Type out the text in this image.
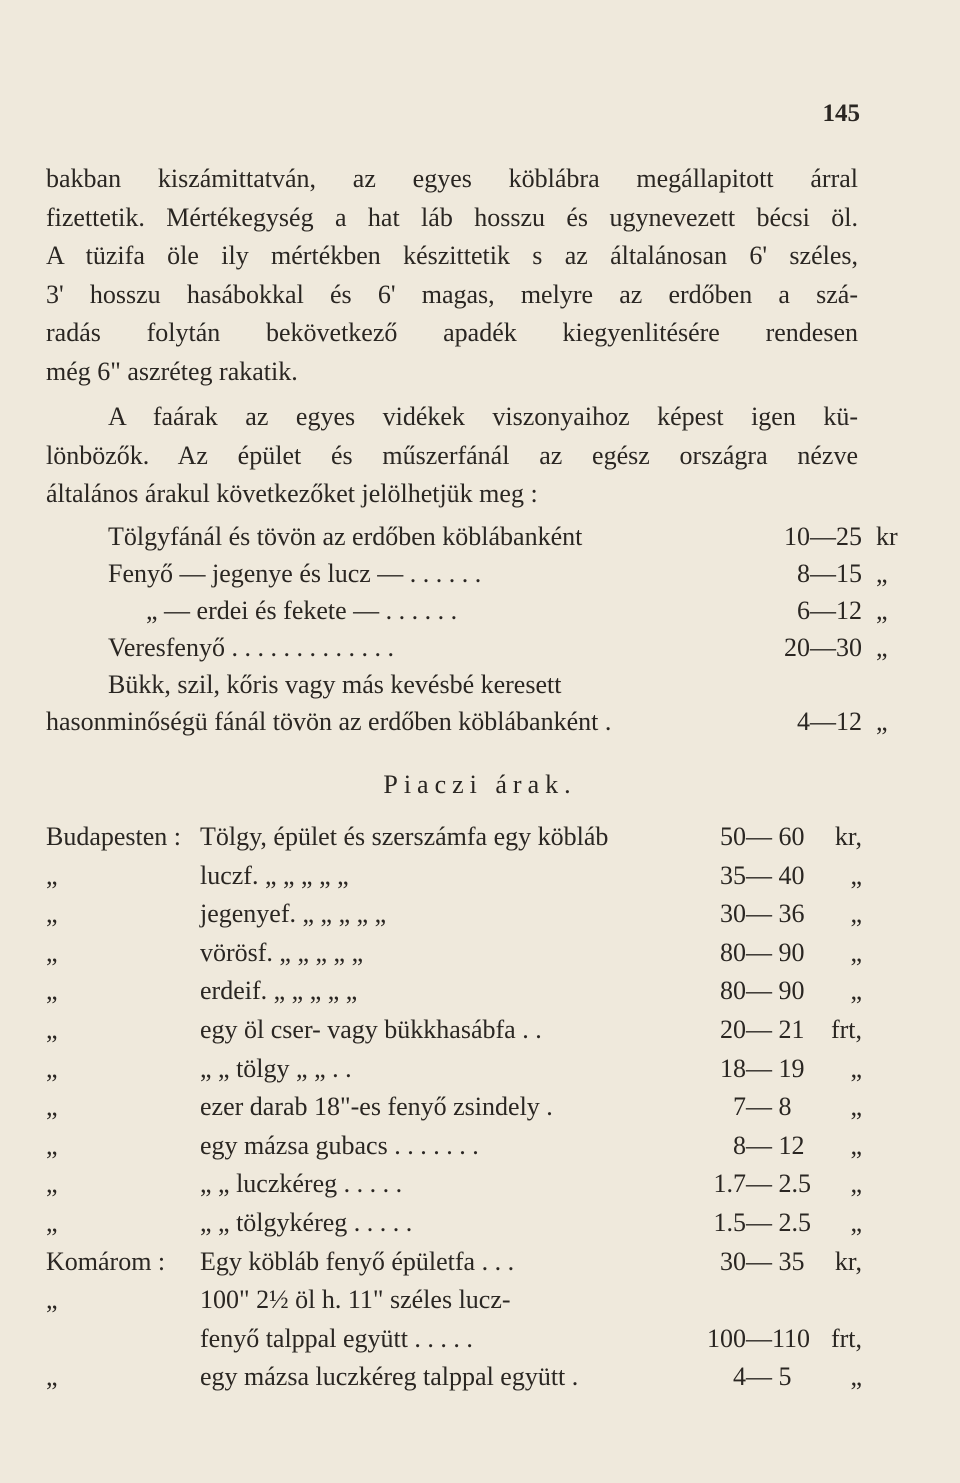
145
bakban kiszámittatván, az egyes köblábra megállapitott árral
fizettetik. Mértékegység a hat láb hosszu és ugynevezett bécsi öl.
A tüzifa öle ily mértékben készittetik s az általánosan 6' széles,
3' hosszu hasábokkal és 6' magas, melyre az erdőben a szá-
radás folytán bekövetkező apadék kiegyenlitésére rendesen
még 6" aszréteg rakatik.
A faárak az egyes vidékek viszonyaihoz képest igen kü-
lönbözők. Az épület és műszerfánál az egész országra nézve
általános árakul következőket jelölhetjük meg :
Tölgyfánál és tövön az erdőben köblábanként	10—25 kr
Fenyő — jegenye és lucz — . . . . . .	8—15 „
„ — erdei és fekete — . . . . . .	6—12 „
Veresfenyő . . . . . . . . . . . . .	20—30 „
Bükk, szil, kőris vagy más kevésbé keresett
hasonminőségü fánál tövön az erdőben köblábanként .	4—12 „
Piaczi árak.
Budapesten : Tölgy, épület és szerszámfa egy köbláb	50 — 60 kr,
„	luczf. „ „ „ „ „	35 — 40 „
„	jegenyef. „ „ „ „ „	30 — 36 „
„	vörösf. „ „ „ „ „	80 — 90 „
„	erdeif. „ „ „ „ „	80 — 90 „
„	egy öl cser- vagy bükkhasábfa . .	20 — 21 frt,
„	„ „ tölgy „ „ . .	18 — 19 „
„	ezer darab 18"-es fenyő zsindely .	7 — 8 „
„	egy mázsa gubacs . . . . . . .	8 — 12 „
„	„ „ luczkéreg . . . . .	1.7 — 2.5 „
„	„ „ tölgykéreg . . . . .	1.5 — 2.5 „
Komárom : Egy köbláb fenyő épületfa . . .	30 — 35 kr,
„	100" 2½ öl h. 11" széles lucz-
fenyő talppal együtt . . . . .	100 —110 frt,
„	egy mázsa luczkéreg talppal együtt .	4 — 5 „
